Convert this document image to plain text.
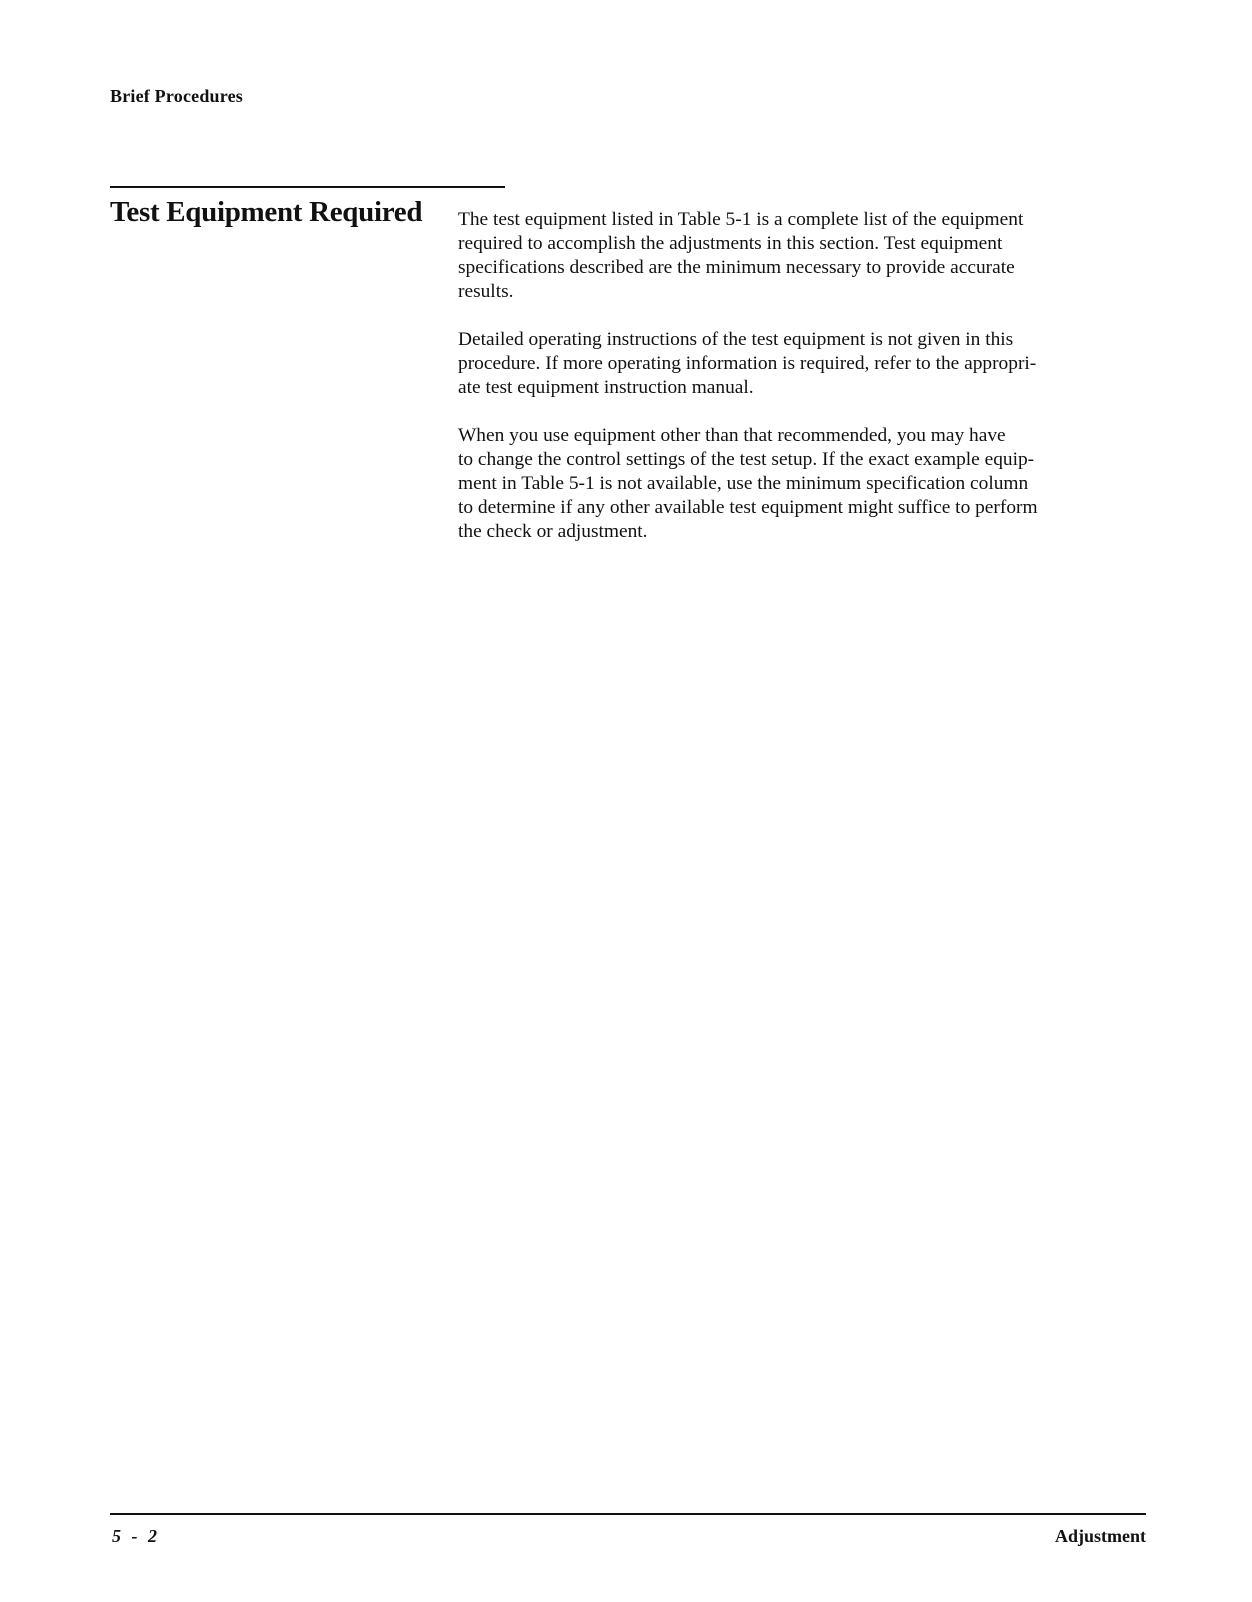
Brief Procedures
Test Equipment Required The test equipment listed in Table 5-1 is a complete list of the equipment
required to accomplish the adjustments in this section. Test equipment
specifications described are the minimum necessary to provide accurate
results.

Detailed operating instructions of the test equipment is not given in this
procedure. If more operating information is required, refer to the appropri-
ate test equipment instruction manual.

When you use equipment other than that recommended, you may have
to change the control settings of the test setup. If the exact example equip-
ment in Table 5-1 is not available, use the minimum specification column
to determine if any other available test equipment might suffice to perform
the check or adjustment.

5 - 2	Adjustment
